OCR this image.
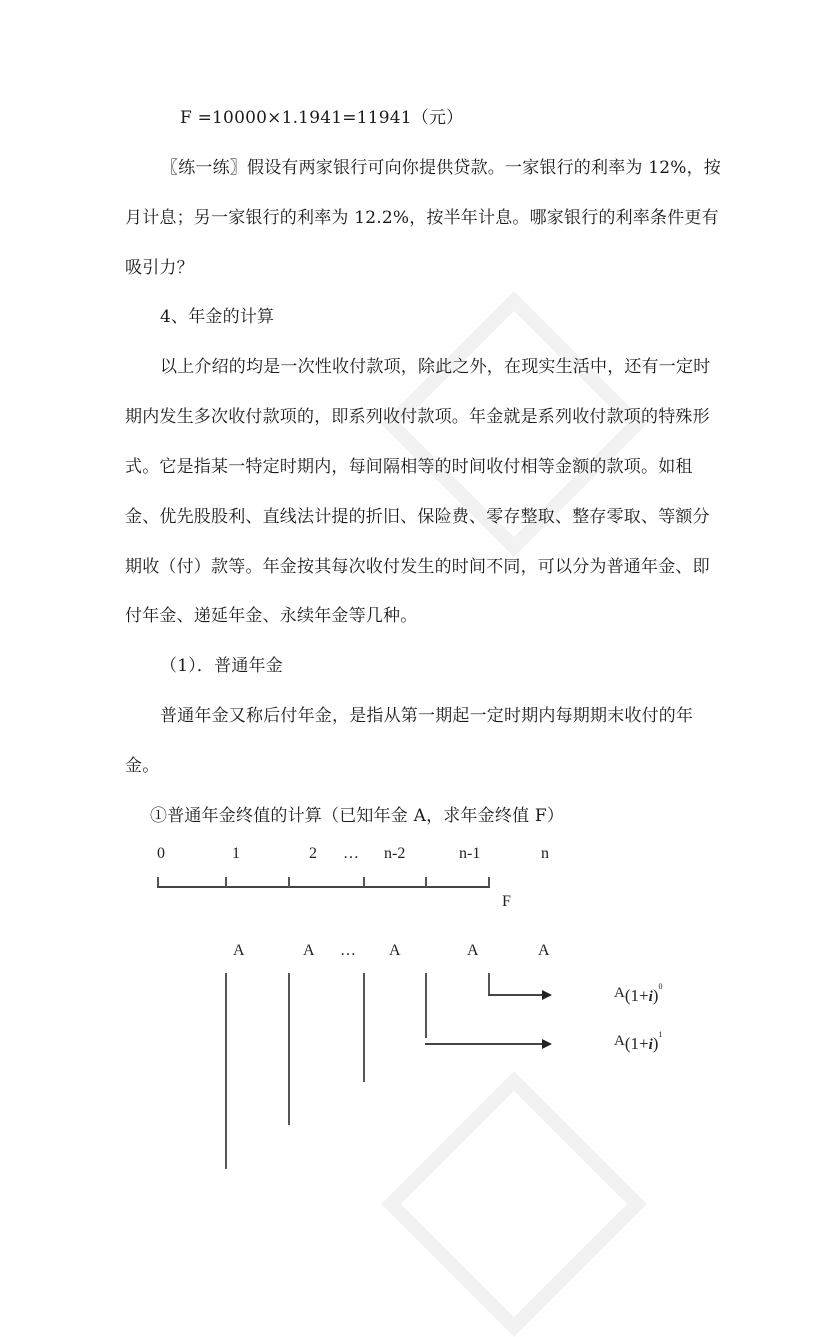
F =10000×1.1941=11941（元）
〖练一练〗假设有两家银行可向你提供贷款。一家银行的利率为 12%，按
月计息；另一家银行的利率为 12.2%，按半年计息。哪家银行的利率条件更有
吸引力？
4、年金的计算
以上介绍的均是一次性收付款项，除此之外，在现实生活中，还有一定时
期内发生多次收付款项的，即系列收付款项。年金就是系列收付款项的特殊形
式。它是指某一特定时期内，每间隔相等的时间收付相等金额的款项。如租
金、优先股股利、直线法计提的折旧、保险费、零存整取、整存零取、等额分
期收（付）款等。年金按其每次收付发生的时间不同，可以分为普通年金、即
付年金、递延年金、永续年金等几种。
（1）．普通年金
普通年金又称后付年金，是指从第一期起一定时期内每期期末收付的年
金。
①普通年金终值的计算（已知年金 A，求年金终值 F）
0	1	2 … n-2	n-1	n
F
A	A … A	A	A
$A(1+i)^0$
$A(1+i)^1$
